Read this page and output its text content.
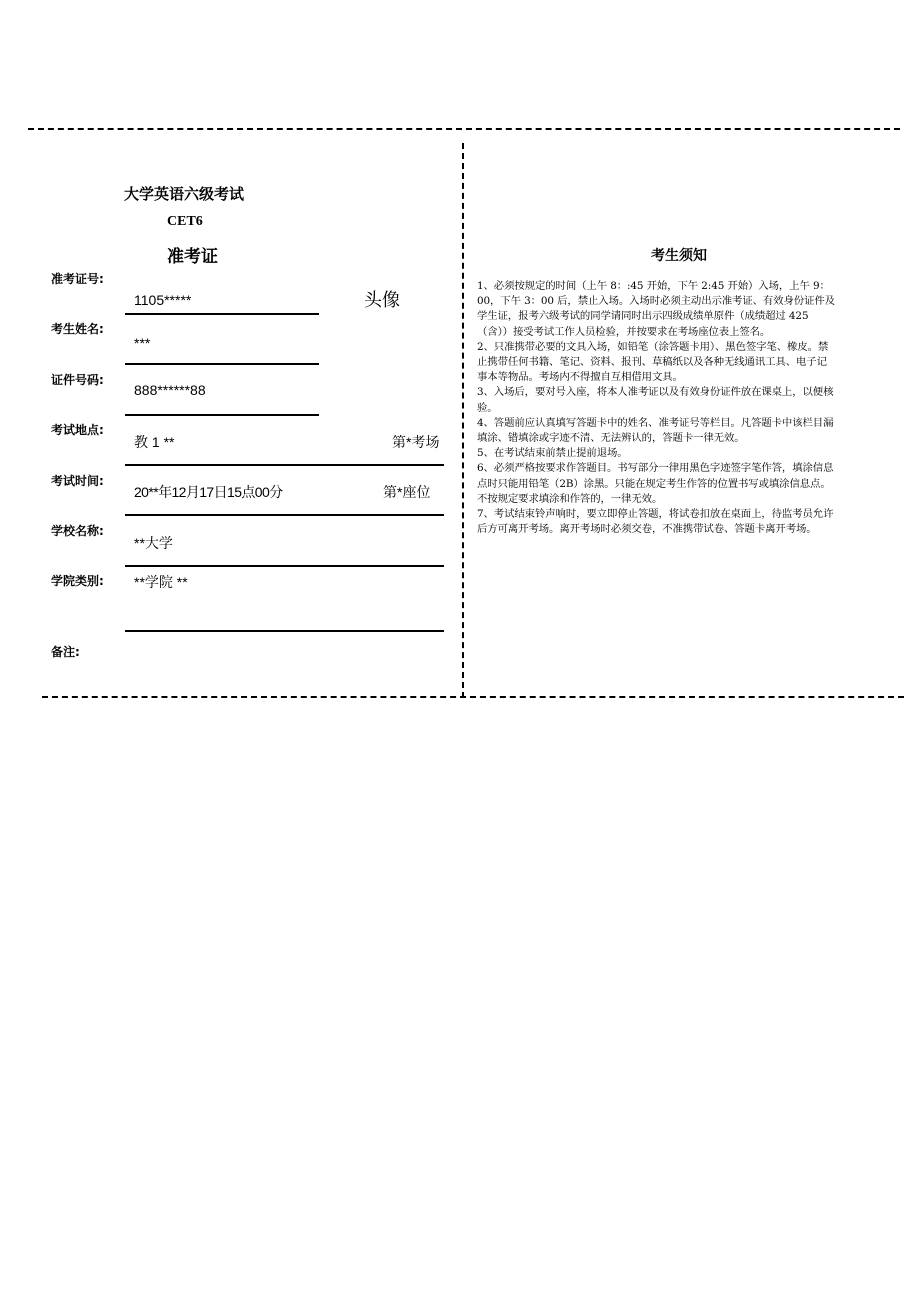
大学英语六级考试
CET6
准考证
头像
准考证号:
1105*****
考生姓名:
***
证件号码:
888******88
考试地点:
教 1 **	第*考场
考试时间:
20**年12月17日15点00分	第*座位
学校名称:
**大学
学院类别: **学院 **
备注:
考生须知

1、必须按规定的时间（上午 8：:45 开始，下午 2:45 开始）入场，上午 9：00，下午 3：00 后，禁止入场。入场时必须主动出示准考证、有效身份证件及学生证，报考六级考试的同学请同时出示四级成绩单原件（成绩超过 425（含））接受考试工作人员检验，并按要求在考场座位表上签名。

2、只准携带必要的文具入场，如铅笔（涂答题卡用）、黑色签字笔、橡皮。禁止携带任何书籍、笔记、资料、报刊、草稿纸以及各种无线通讯工具、电子记事本等物品。考场内不得擅自互相借用文具。

3、入场后，要对号入座，将本人准考证以及有效身份证件放在课桌上，以便核验。

4、答题前应认真填写答题卡中的姓名、准考证号等栏目。凡答题卡中该栏目漏填涂、错填涂或字迹不清、无法辨认的，答题卡一律无效。

5、在考试结束前禁止提前退场。

6、必须严格按要求作答题目。书写部分一律用黑色字迹签字笔作答，填涂信息点时只能用铅笔（2B）涂黑。只能在规定考生作答的位置书写或填涂信息点。不按规定要求填涂和作答的，一律无效。

7、考试结束铃声响时，要立即停止答题，将试卷扣放在桌面上，待监考员允许后方可离开考场。离开考场时必须交卷，不准携带试卷、答题卡离开考场。
